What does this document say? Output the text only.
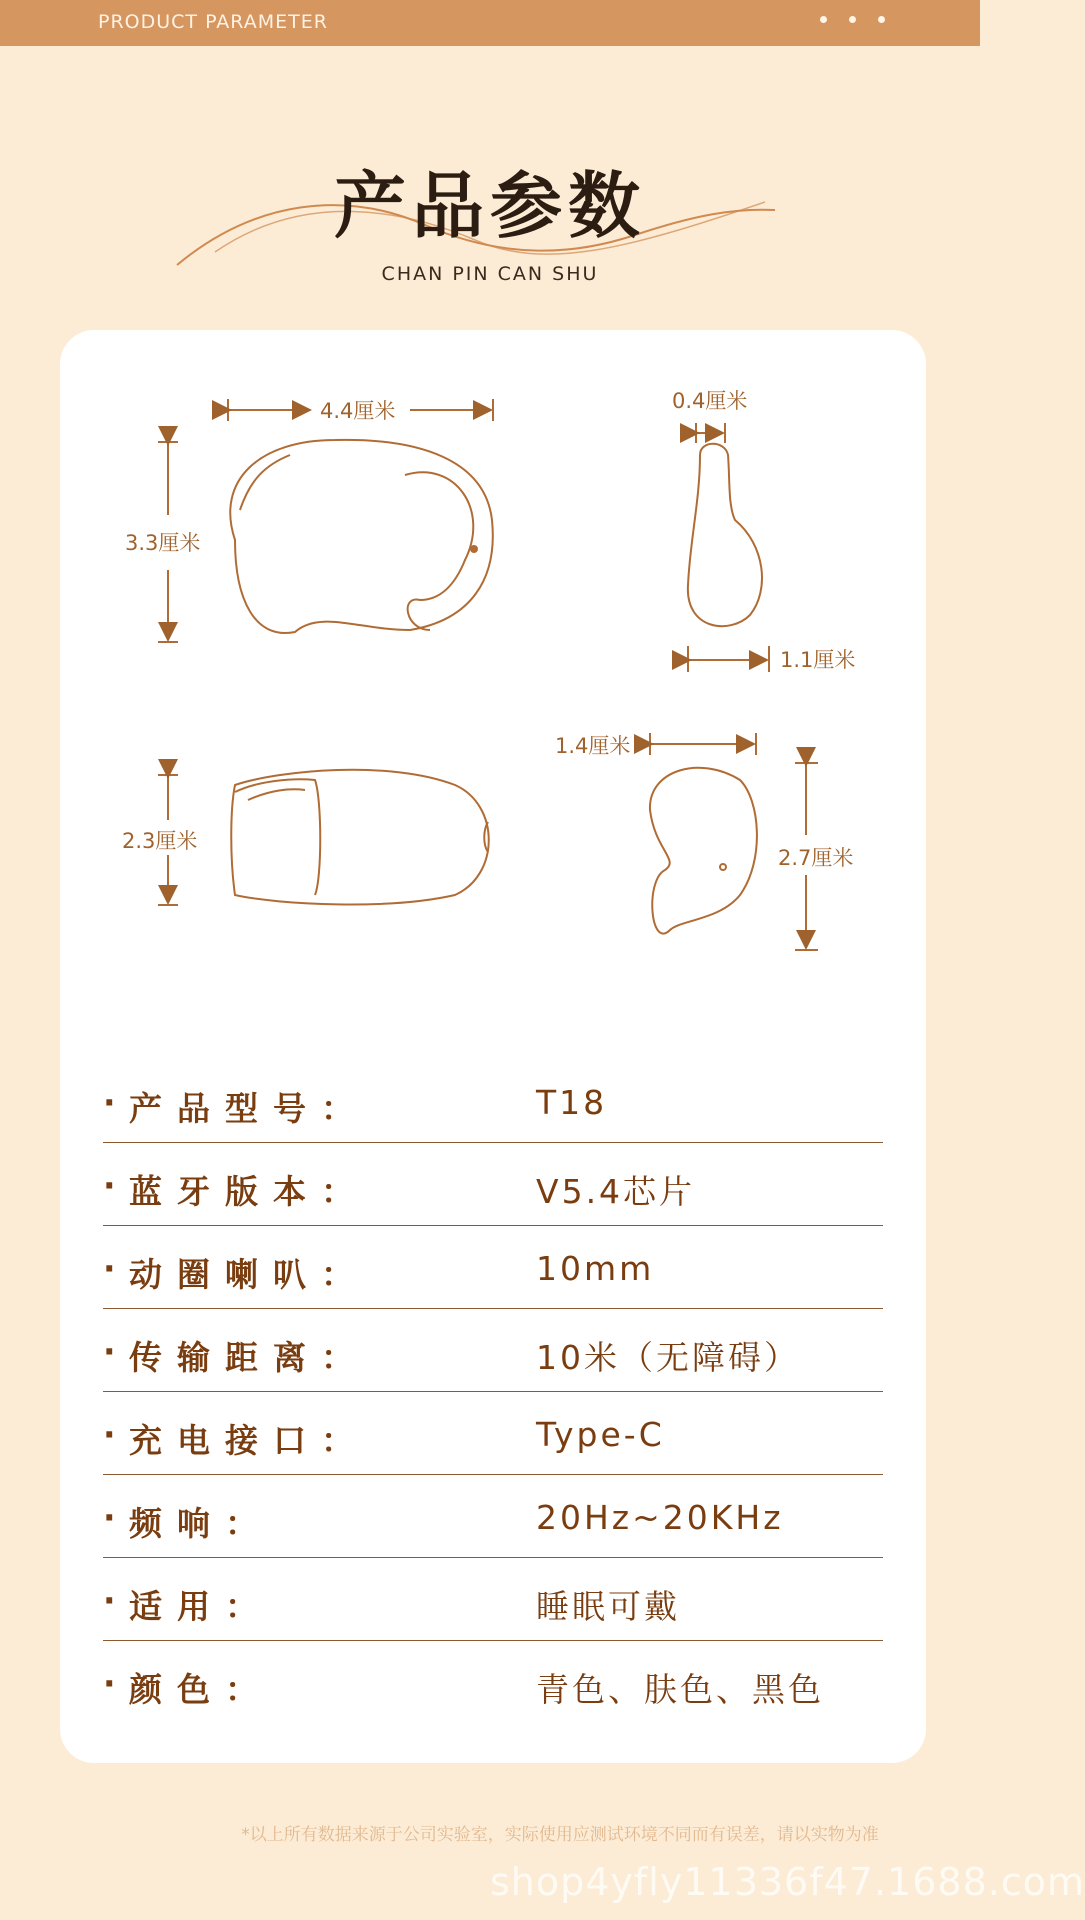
PRODUCT PARAMETER
产品参数
CHAN PIN CAN SHU
4.4厘米
3.3厘米
0.4厘米
1.1厘米
2.3厘米
1.4厘米
2.7厘米
· 产品型号：	T18
· 蓝牙版本：	V5.4芯片
· 动圈喇叭：	10mm
· 传输距离：	10米（无障碍）
· 充电接口：	Type-C
· 频响：	20Hz~20KHz
· 适用：	睡眠可戴
· 颜色：	青色、肤色、黑色
*以上所有数据来源于公司实验室，实际使用应测试环境不同而有误差，请以实物为准
shop4yfly11336f47.1688.com
